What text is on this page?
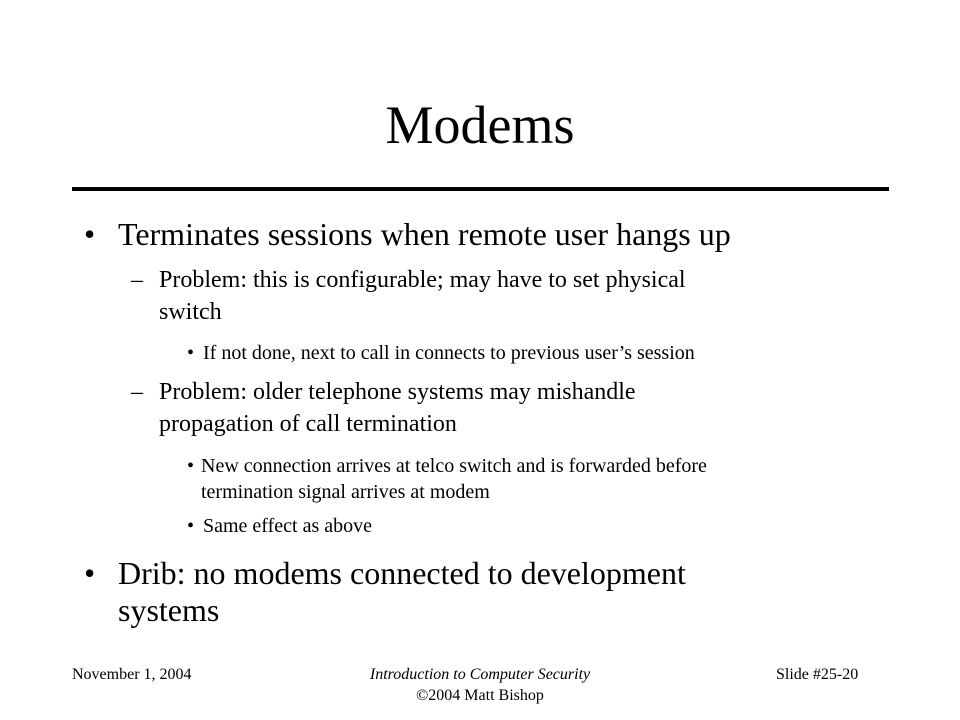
Modems
• Terminates sessions when remote user hangs up
– Problem: this is configurable; may have to set physical
switch
• If not done, next to call in connects to previous user’s session
– Problem: older telephone systems may mishandle
propagation of call termination
• New connection arrives at telco switch and is forwarded before
termination signal arrives at modem
• Same effect as above
• Drib: no modems connected to development
systems
November 1, 2004	Introduction to Computer Security
©2004 Matt Bishop
Slide #25-20
